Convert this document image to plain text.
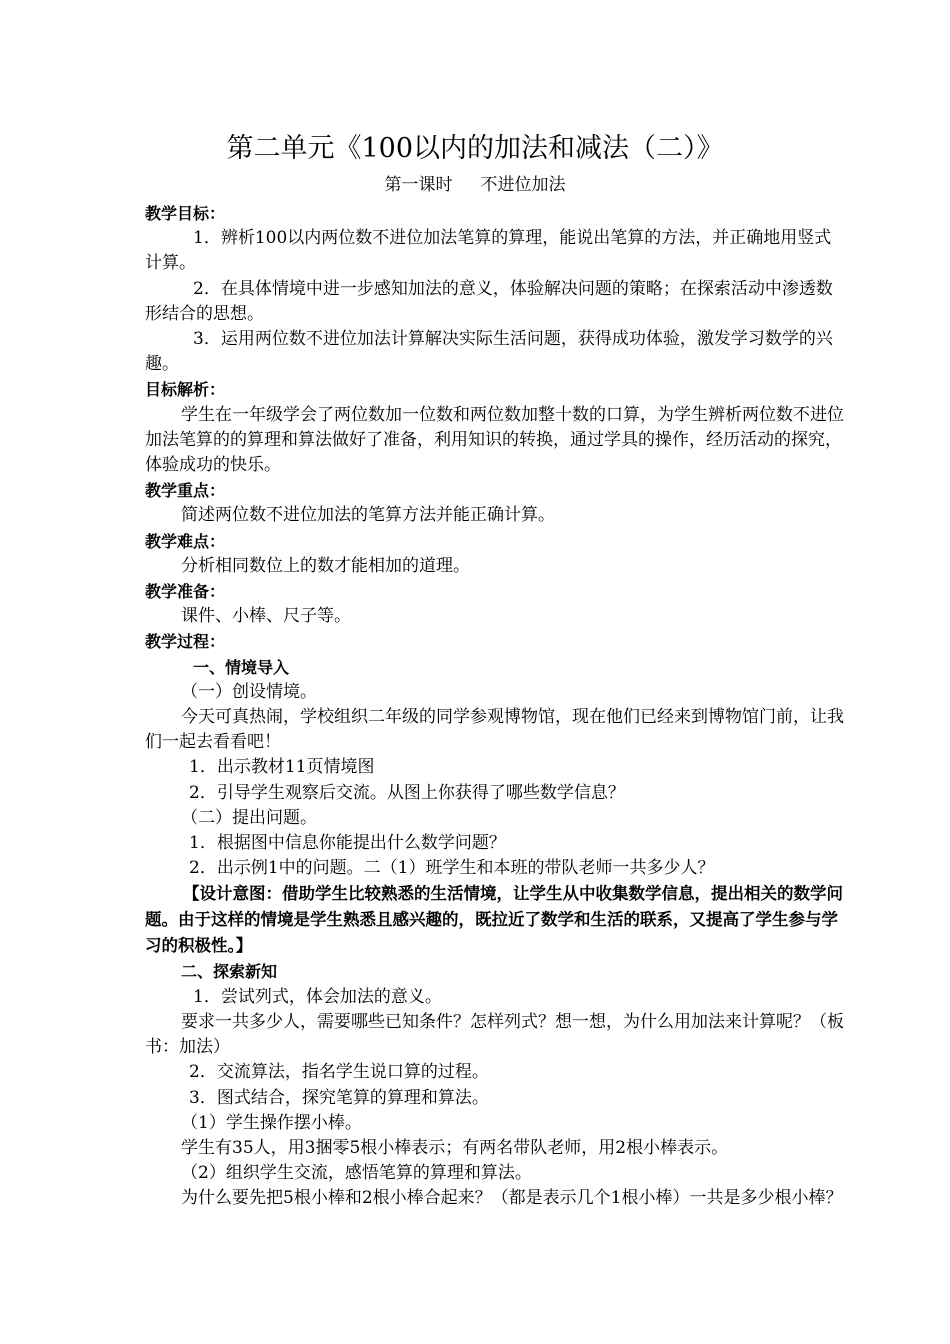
第二单元《100以内的加法和减法（二）》
第一课时 不进位加法

教学目标：

1．辨析100以内两位数不进位加法笔算的算理，能说出笔算的方法，并正确地用竖式计算。

2．在具体情境中进一步感知加法的意义，体验解决问题的策略；在探索活动中渗透数形结合的思想。

3．运用两位数不进位加法计算解决实际生活问题，获得成功体验，激发学习数学的兴趣。

目标解析：

学生在一年级学会了两位数加一位数和两位数加整十数的口算，为学生辨析两位数不进位加法笔算的的算理和算法做好了准备，利用知识的转换，通过学具的操作，经历活动的探究，体验成功的快乐。

教学重点：

简述两位数不进位加法的笔算方法并能正确计算。

教学难点：

分析相同数位上的数才能相加的道理。

教学准备：

课件、小棒、尺子等。

教学过程：

一、情境导入

（一）创设情境。

今天可真热闹，学校组织二年级的同学参观博物馆，现在他们已经来到博物馆门前，让我们一起去看看吧！

1．出示教材11页情境图

2．引导学生观察后交流。从图上你获得了哪些数学信息？

（二）提出问题。

1．根据图中信息你能提出什么数学问题？

2．出示例1中的问题。二（1）班学生和本班的带队老师一共多少人？

【设计意图：借助学生比较熟悉的生活情境，让学生从中收集数学信息，提出相关的数学问题。由于这样的情境是学生熟悉且感兴趣的，既拉近了数学和生活的联系，又提高了学生参与学习的积极性。】

二、探索新知

1．尝试列式，体会加法的意义。

要求一共多少人，需要哪些已知条件？怎样列式？想一想，为什么用加法来计算呢？（板书：加法）

2．交流算法，指名学生说口算的过程。

3．图式结合，探究笔算的算理和算法。

（1）学生操作摆小棒。

学生有35人，用3捆零5根小棒表示；有两名带队老师，用2根小棒表示。

（2）组织学生交流，感悟笔算的算理和算法。

为什么要先把5根小棒和2根小棒合起来？（都是表示几个1根小棒）一共是多少根小棒？
